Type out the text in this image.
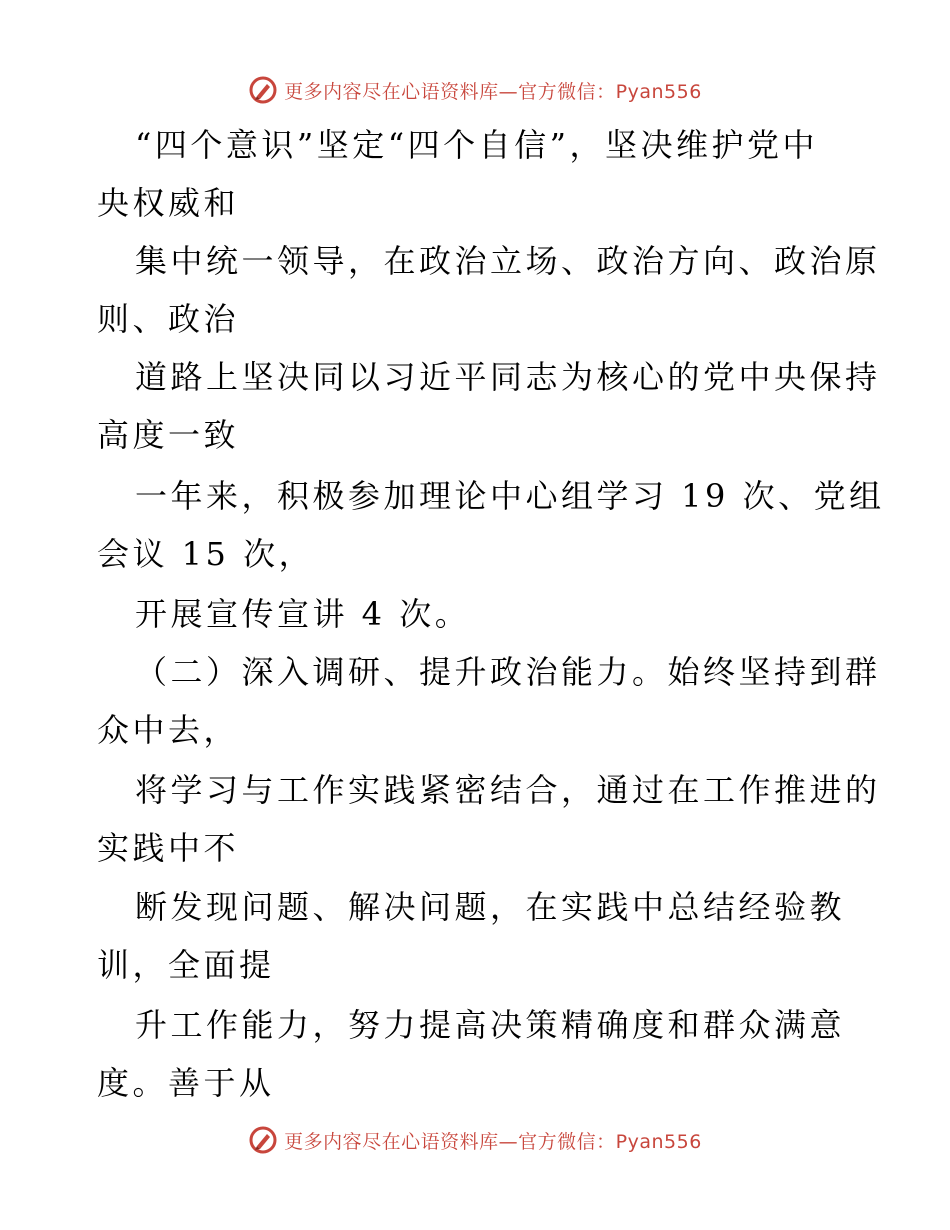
更多内容尽在心语资料库—官方微信：Pyan556
“四个意识”坚定“四个自信”，坚决维护党中
央权威和
集中统一领导，在政治立场、政治方向、政治原
则、政治
道路上坚决同以习近平同志为核心的党中央保持
高度一致
一年来，积极参加理论中心组学习 19 次、党组
会议 15 次，
开展宣传宣讲 4 次。
（二）深入调研、提升政治能力。始终坚持到群
众中去，
将学习与工作实践紧密结合，通过在工作推进的
实践中不
断发现问题、解决问题，在实践中总结经验教
训，全面提
升工作能力，努力提高决策精确度和群众满意
度。善于从
更多内容尽在心语资料库—官方微信：Pyan556
